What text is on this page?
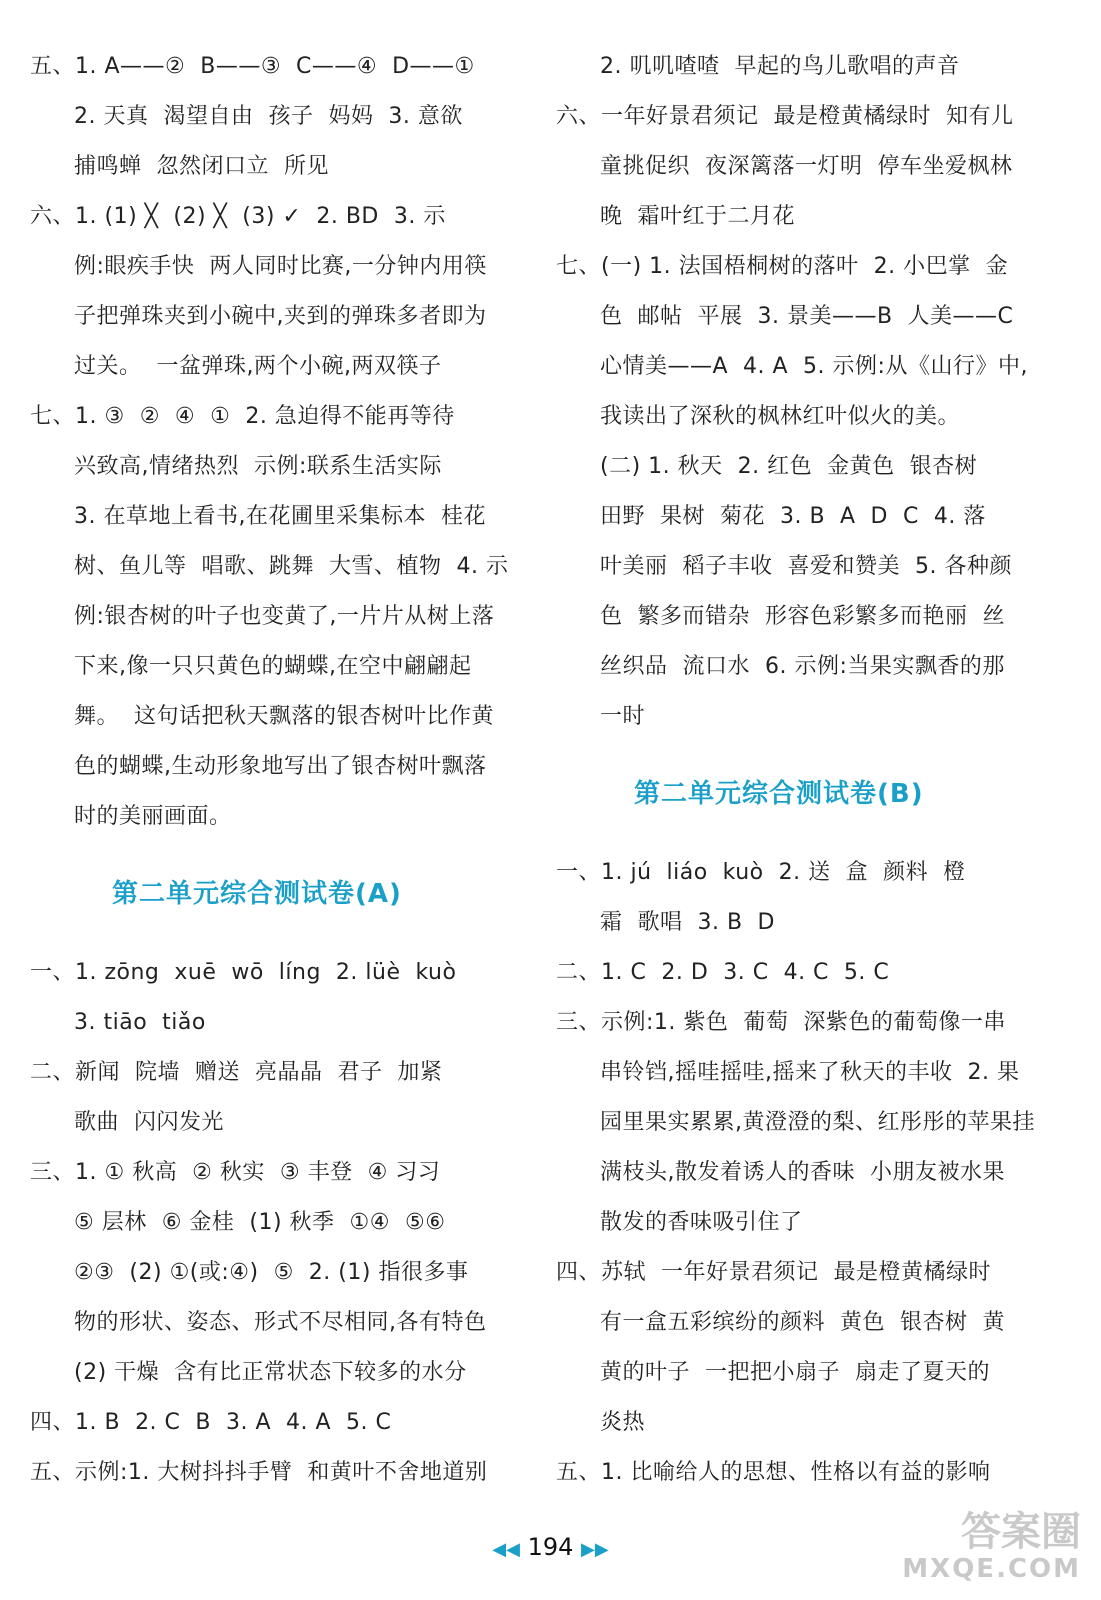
五、1. A——②  B——③  C——④  D——①
2. 天真  渴望自由  孩子  妈妈  3. 意欲
捕鸣蝉  忽然闭口立  所见
六、1. (1) ╳  (2) ╳  (3) ✓  2. BD  3. 示
例:眼疾手快  两人同时比赛,一分钟内用筷
子把弹珠夹到小碗中,夹到的弹珠多者即为
过关。  一盆弹珠,两个小碗,两双筷子
七、1. ③  ②  ④  ①  2. 急迫得不能再等待
兴致高,情绪热烈  示例:联系生活实际
3. 在草地上看书,在花圃里采集标本  桂花
树、鱼儿等  唱歌、跳舞  大雪、植物  4. 示
例:银杏树的叶子也变黄了,一片片从树上落
下来,像一只只黄色的蝴蝶,在空中翩翩起
舞。  这句话把秋天飘落的银杏树叶比作黄
色的蝴蝶,生动形象地写出了银杏树叶飘落
时的美丽画面。
第二单元综合测试卷(A)
一、1. zōng  xuē  wō  líng  2. lüè  kuò
3. tiāo  tiǎo
二、新闻  院墙  赠送  亮晶晶  君子  加紧
歌曲  闪闪发光
三、1. ① 秋高  ② 秋实  ③ 丰登  ④ 习习
⑤ 层林  ⑥ 金桂  (1) 秋季  ①④  ⑤⑥
②③  (2) ①(或:④)  ⑤  2. (1) 指很多事
物的形状、姿态、形式不尽相同,各有特色
(2) 干燥  含有比正常状态下较多的水分
四、1. B  2. C  B  3. A  4. A  5. C
五、示例:1. 大树抖抖手臂  和黄叶不舍地道别
2. 叽叽喳喳  早起的鸟儿歌唱的声音
六、一年好景君须记  最是橙黄橘绿时  知有儿
童挑促织  夜深篱落一灯明  停车坐爱枫林
晚  霜叶红于二月花
七、(一) 1. 法国梧桐树的落叶  2. 小巴掌  金
色  邮帖  平展  3. 景美——B  人美——C
心情美——A  4. A  5. 示例:从《山行》中,
我读出了深秋的枫林红叶似火的美。
(二) 1. 秋天  2. 红色  金黄色  银杏树
田野  果树  菊花  3. B  A  D  C  4. 落
叶美丽  稻子丰收  喜爱和赞美  5. 各种颜
色  繁多而错杂  形容色彩繁多而艳丽  丝
丝织品  流口水  6. 示例:当果实飘香的那
一时
第二单元综合测试卷(B)
一、1. jú  liáo  kuò  2. 送  盒  颜料  橙
霜  歌唱  3. B  D
二、1. C  2. D  3. C  4. C  5. C
三、示例:1. 紫色  葡萄  深紫色的葡萄像一串
串铃铛,摇哇摇哇,摇来了秋天的丰收  2. 果
园里果实累累,黄澄澄的梨、红彤彤的苹果挂
满枝头,散发着诱人的香味  小朋友被水果
散发的香味吸引住了
四、苏轼  一年好景君须记  最是橙黄橘绿时
有一盒五彩缤纷的颜料  黄色  银杏树  黄
黄的叶子  一把把小扇子  扇走了夏天的
炎热
五、1. 比喻给人的思想、性格以有益的影响
◀◀ 194 ▶▶	答案圈
MXQE.COM
